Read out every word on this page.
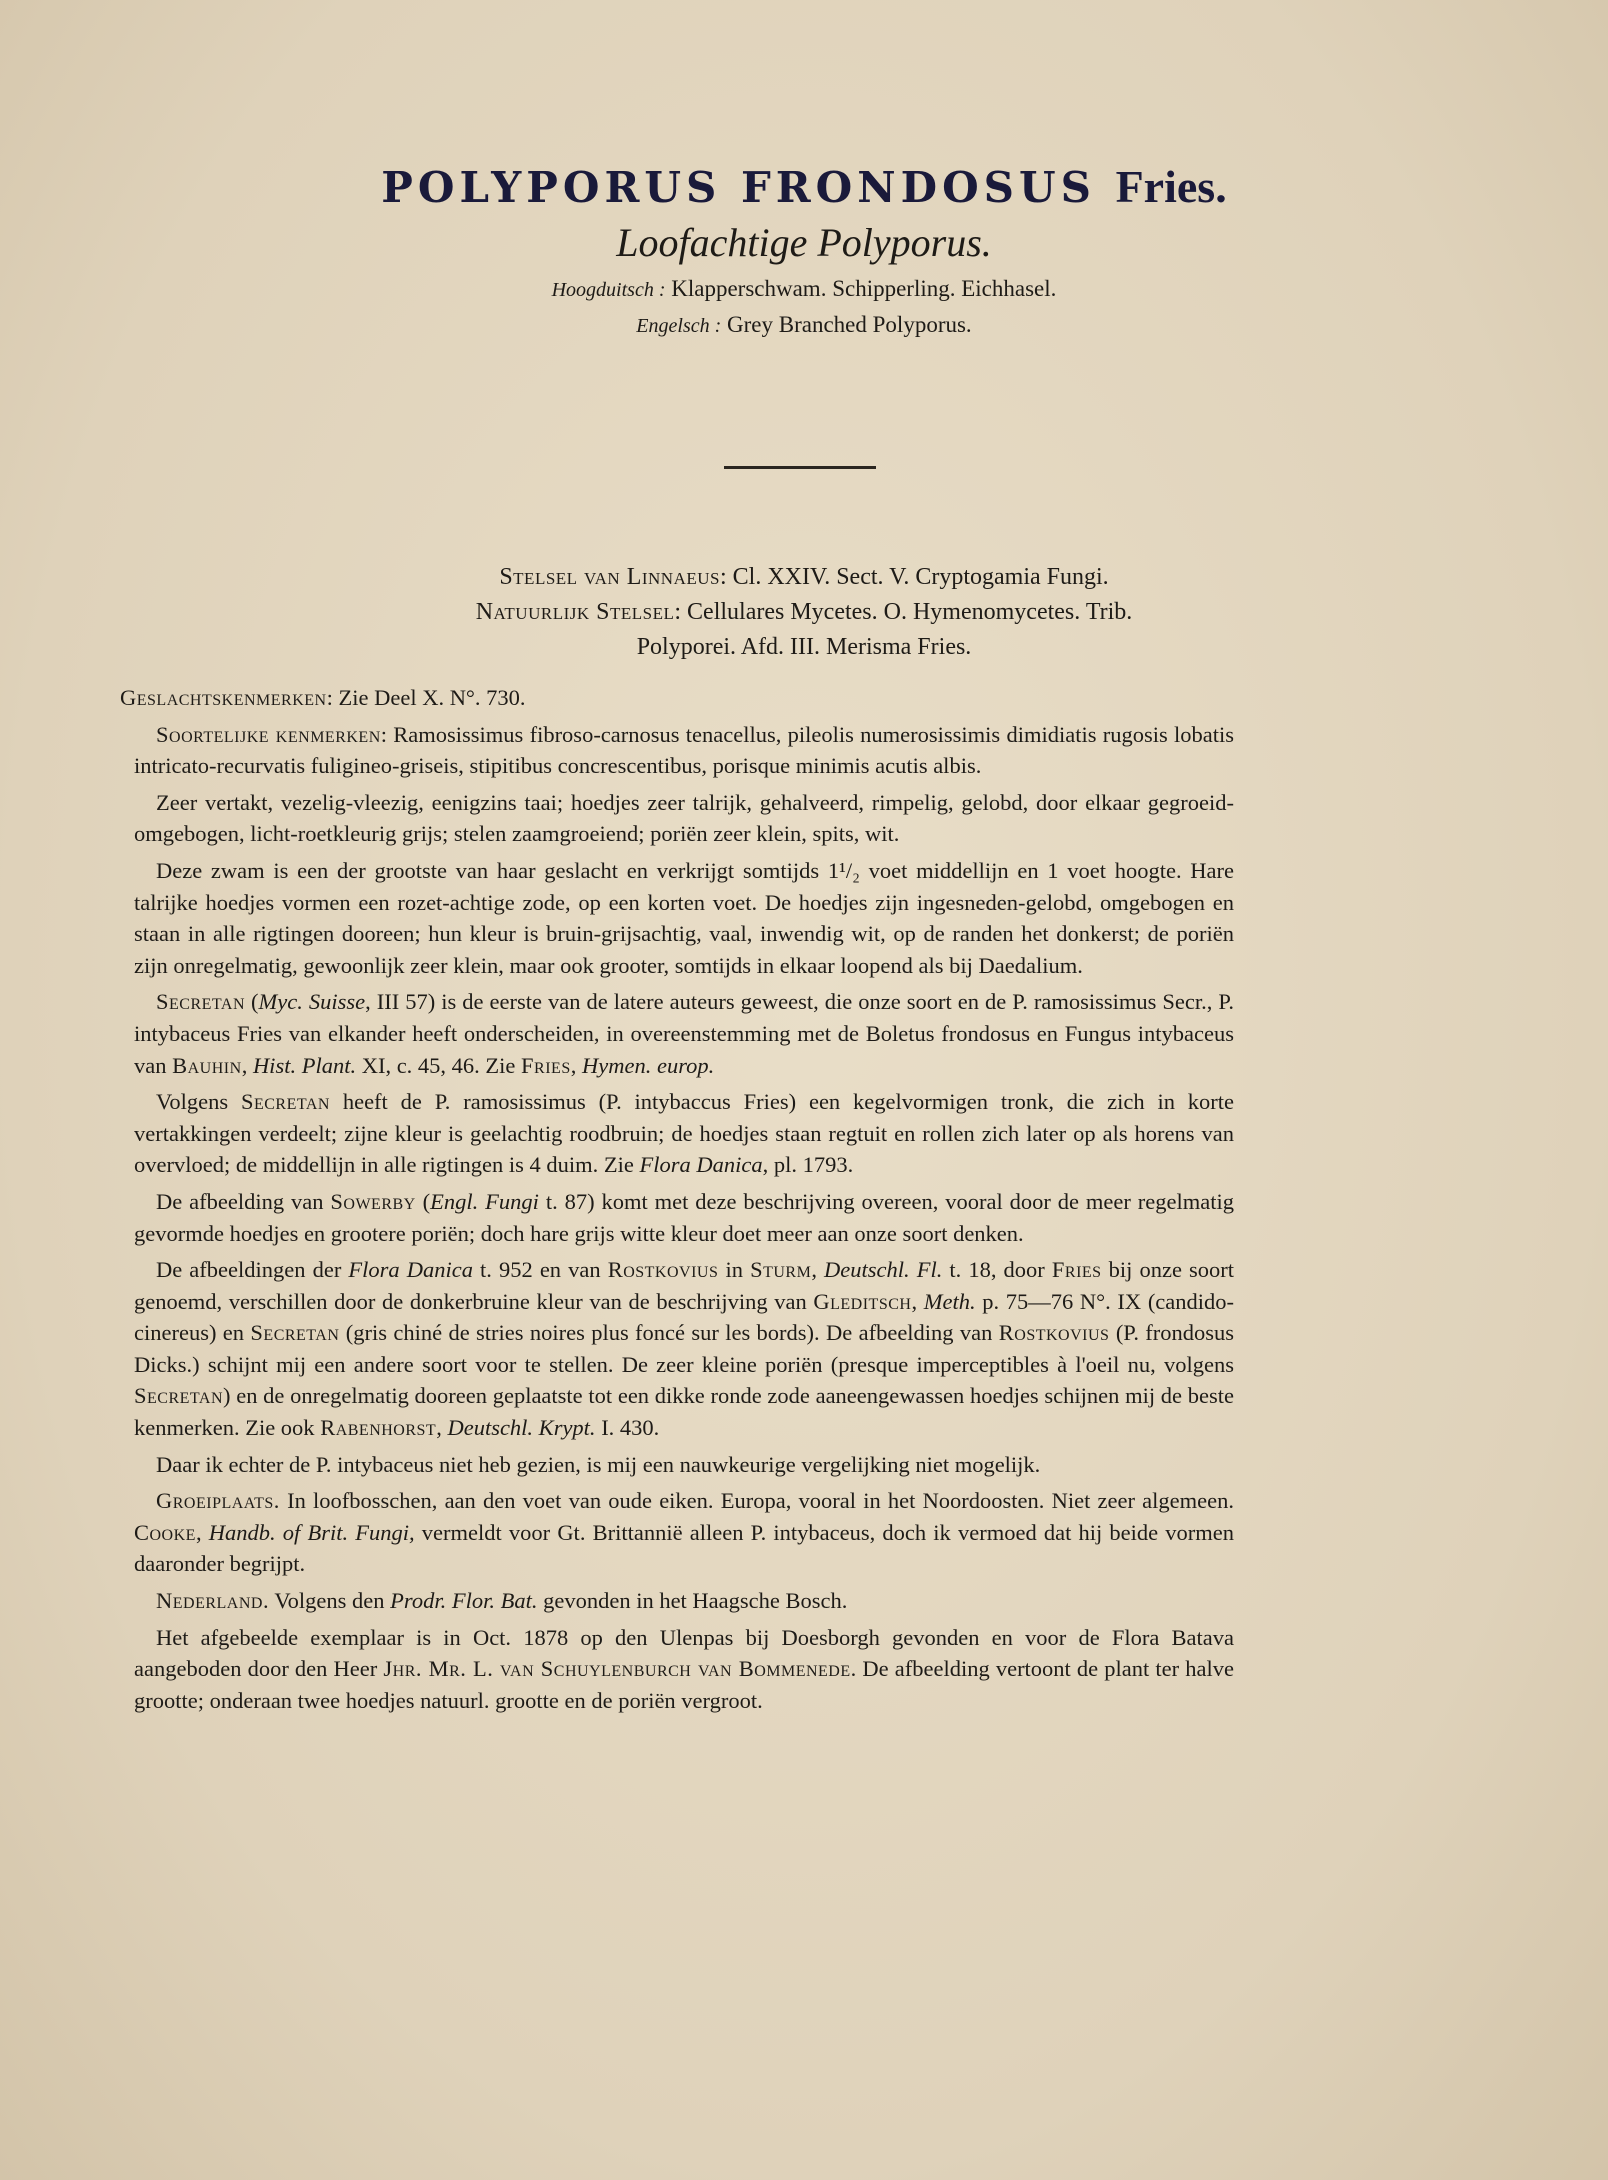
POLYPORUS FRONDOSUS Fries.
Loofachtige Polyporus.
Hoogduitsch : Klapperschwam. Schipperling. Eichhasel.
Engelsch : Grey Branched Polyporus.
Stelsel van Linnaeus: Cl. XXIV. Sect. V. Cryptogamia Fungi.
Natuurlijk Stelsel: Cellulares Mycetes. O. Hymenomycetes. Trib.
Polyporei. Afd. III. Merisma Fries.

Geslachtskenmerken: Zie Deel X. N°. 730.

Soortelijke kenmerken: Ramosissimus fibroso-carnosus tenacellus, pileolis numerosissimis dimidiatis rugosis lobatis intricato-recurvatis fuligineo-griseis, stipitibus concrescentibus, porisque minimis acutis albis.

Zeer vertakt, vezelig-vleezig, eenigzins taai; hoedjes zeer talrijk, gehalveerd, rimpelig, gelobd, door elkaar gegroeid-omgebogen, licht-roetkleurig grijs; stelen zaamgroeiend; poriën zeer klein, spits, wit.

Deze zwam is een der grootste van haar geslacht en verkrijgt somtijds 1¹/₂ voet middellijn en 1 voet hoogte. Hare talrijke hoedjes vormen een rozet-achtige zode, op een korten voet. De hoedjes zijn ingesneden-gelobd, omgebogen en staan in alle rigtingen dooreen; hun kleur is bruin-grijsachtig, vaal, inwendig wit, op de randen het donkerst; de poriën zijn onregelmatig, gewoonlijk zeer klein, maar ook grooter, somtijds in elkaar loopend als bij Daedalium.

Secretan (Myc. Suisse, III 57) is de eerste van de latere auteurs geweest, die onze soort en de P. ramosissimus Secr., P. intybaceus Fries van elkander heeft onderscheiden, in overeenstemming met de Boletus frondosus en Fungus intybaceus van Bauhin, Hist. Plant. XI, c. 45, 46. Zie Fries, Hymen. europ.

Volgens Secretan heeft de P. ramosissimus (P. intybaccus Fries) een kegelvormigen tronk, die zich in korte vertakkingen verdeelt; zijne kleur is geelachtig roodbruin; de hoedjes staan regtuit en rollen zich later op als horens van overvloed; de middellijn in alle rigtingen is 4 duim. Zie Flora Danica, pl. 1793.

De afbeelding van Sowerby (Engl. Fungi t. 87) komt met deze beschrijving overeen, vooral door de meer regelmatig gevormde hoedjes en grootere poriën; doch hare grijs witte kleur doet meer aan onze soort denken.

De afbeeldingen der Flora Danica t. 952 en van Rostkovius in Sturm, Deutschl. Fl. t. 18, door Fries bij onze soort genoemd, verschillen door de donkerbruine kleur van de beschrijving van Gleditsch, Meth. p. 75—76 N°. IX (candido-cinereus) en Secretan (gris chiné de stries noires plus foncé sur les bords). De afbeelding van Rostkovius (P. frondosus Dicks.) schijnt mij een andere soort voor te stellen. De zeer kleine poriën (presque imperceptibles à l'oeil nu, volgens Secretan) en de onregelmatig dooreen geplaatste tot een dikke ronde zode aaneengewassen hoedjes schijnen mij de beste kenmerken. Zie ook Rabenhorst, Deutschl. Krypt. I. 430.

Daar ik echter de P. intybaceus niet heb gezien, is mij een nauwkeurige vergelijking niet mogelijk.

Groeiplaats. In loofbosschen, aan den voet van oude eiken. Europa, vooral in het Noordoosten. Niet zeer algemeen. Cooke, Handb. of Brit. Fungi, vermeldt voor Gt. Brittannië alleen P. intybaceus, doch ik vermoed dat hij beide vormen daaronder begrijpt.

Nederland. Volgens den Prodr. Flor. Bat. gevonden in het Haagsche Bosch.

Het afgebeelde exemplaar is in Oct. 1878 op den Ulenpas bij Doesborgh gevonden en voor de Flora Batava aangeboden door den Heer Jhr. Mr. L. van Schuylenburch van Bommenede. De afbeelding vertoont de plant ter halve grootte; onderaan twee hoedjes natuurl. grootte en de poriën vergroot.
